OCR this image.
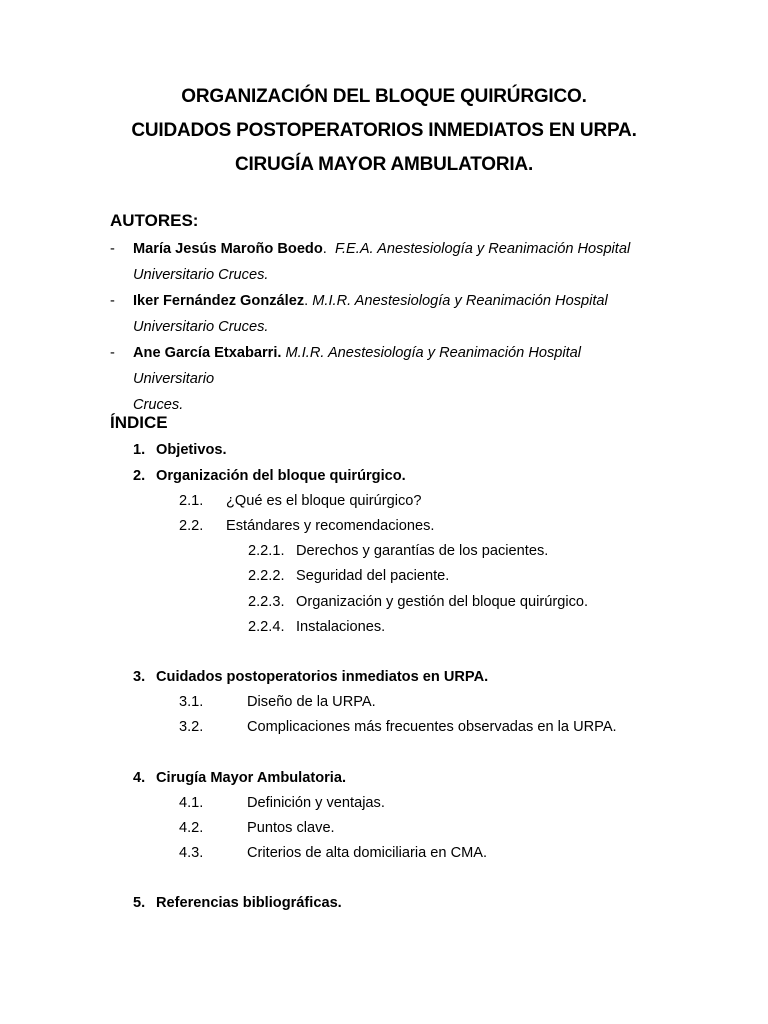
ORGANIZACIÓN DEL BLOQUE QUIRÚRGICO.
CUIDADOS POSTOPERATORIOS INMEDIATOS EN URPA.
CIRUGÍA MAYOR AMBULATORIA.
AUTORES:
- María Jesús Maroño Boedo. F.E.A. Anestesiología y Reanimación Hospital
Universitario Cruces.
- Iker Fernández González. M.I.R. Anestesiología y Reanimación Hospital
Universitario Cruces.
- Ane García Etxabarri. M.I.R. Anestesiología y Reanimación Hospital Universitario
Cruces.
ÍNDICE
1. Objetivos.
2. Organización del bloque quirúrgico.
2.1. ¿Qué es el bloque quirúrgico?
2.2. Estándares y recomendaciones.
2.2.1. Derechos y garantías de los pacientes.
2.2.2. Seguridad del paciente.
2.2.3. Organización y gestión del bloque quirúrgico.
2.2.4. Instalaciones.
3. Cuidados postoperatorios inmediatos en URPA.
3.1.	Diseño de la URPA.
3.2.	Complicaciones más frecuentes observadas en la URPA.
4. Cirugía Mayor Ambulatoria.
4.1.	Definición y ventajas.
4.2.	Puntos clave.
4.3.	Criterios de alta domiciliaria en CMA.
5. Referencias bibliográficas.
